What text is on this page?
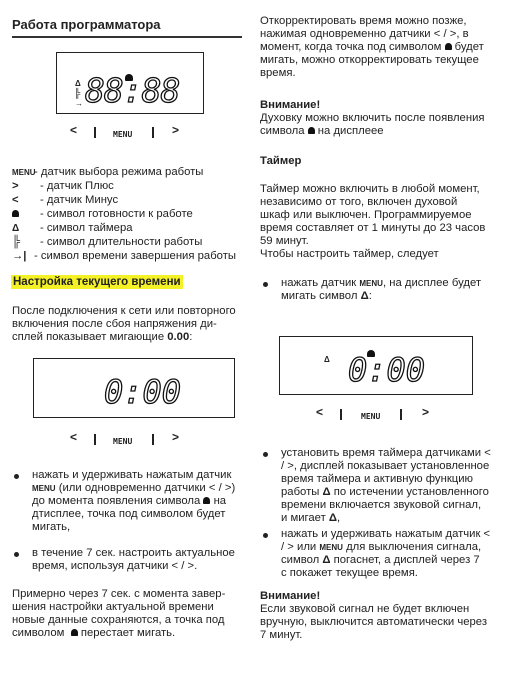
Работа программатора
Δ
╠
→ 88:88
<	MENU	>
MENU- датчик выбора режима работы
> - датчик Плюс
< - датчик Минус
- символ готовности к работе
Δ - символ таймера
╠ - символ длительности работы
→| - символ времени завершения работы
Настройка текущего времени

После подключения к сети или повторного

включения после сбоя напряжения ди-

сплей показывает мигающие 0.00:

0:00
<	MENU	>

нажать и удерживать нажатым датчик

MENU (или одновременно датчики < / >)

до момента появления символа на

дтисплее, точка под символом будет

мигать,

в течение 7 сек. настроить актуальное

время, используя датчики < / >.

Примерно через 7 сек. с момента завер-

шения настройки актуальной времени

новые данные сохраняются, а точка под

символом перестает мигать.

Откорректировать время можно позже,

нажимая одновременно датчики < / >, в

момент, когда точка под символом будет

мигать, можно откорректировать текущее

время.

Внимание!

Духовку можно включить после появления

символа на дисплееe

Таймер

Таймер можно включить в любой момент,

независимо от того, включен духовой

шкаф или выключен. Программируемое

время составляет от 1 минуты до 23 часов

59 минут.

Чтобы настроить таймер, следует

нажать датчик MENU, на дисплее будет

мигать символ Δ:

Δ 0:00
<	MENU	>

установить время таймера датчиками <

/ >, дисплей показывает установленное

время таймера и активную функцию

работы Δ по истечении установленного

времени включается звуковой сигнал,

и мигает Δ,

нажать и удерживать нажатым датчик <

/ > или MENU для выключения сигнала,

символ Δ погаснет, а дисплей через 7

с покажет текущее время.

Внимание!

Если звуковой сигнал не будет включен

вручную, выключится автоматически через

7 минут.
